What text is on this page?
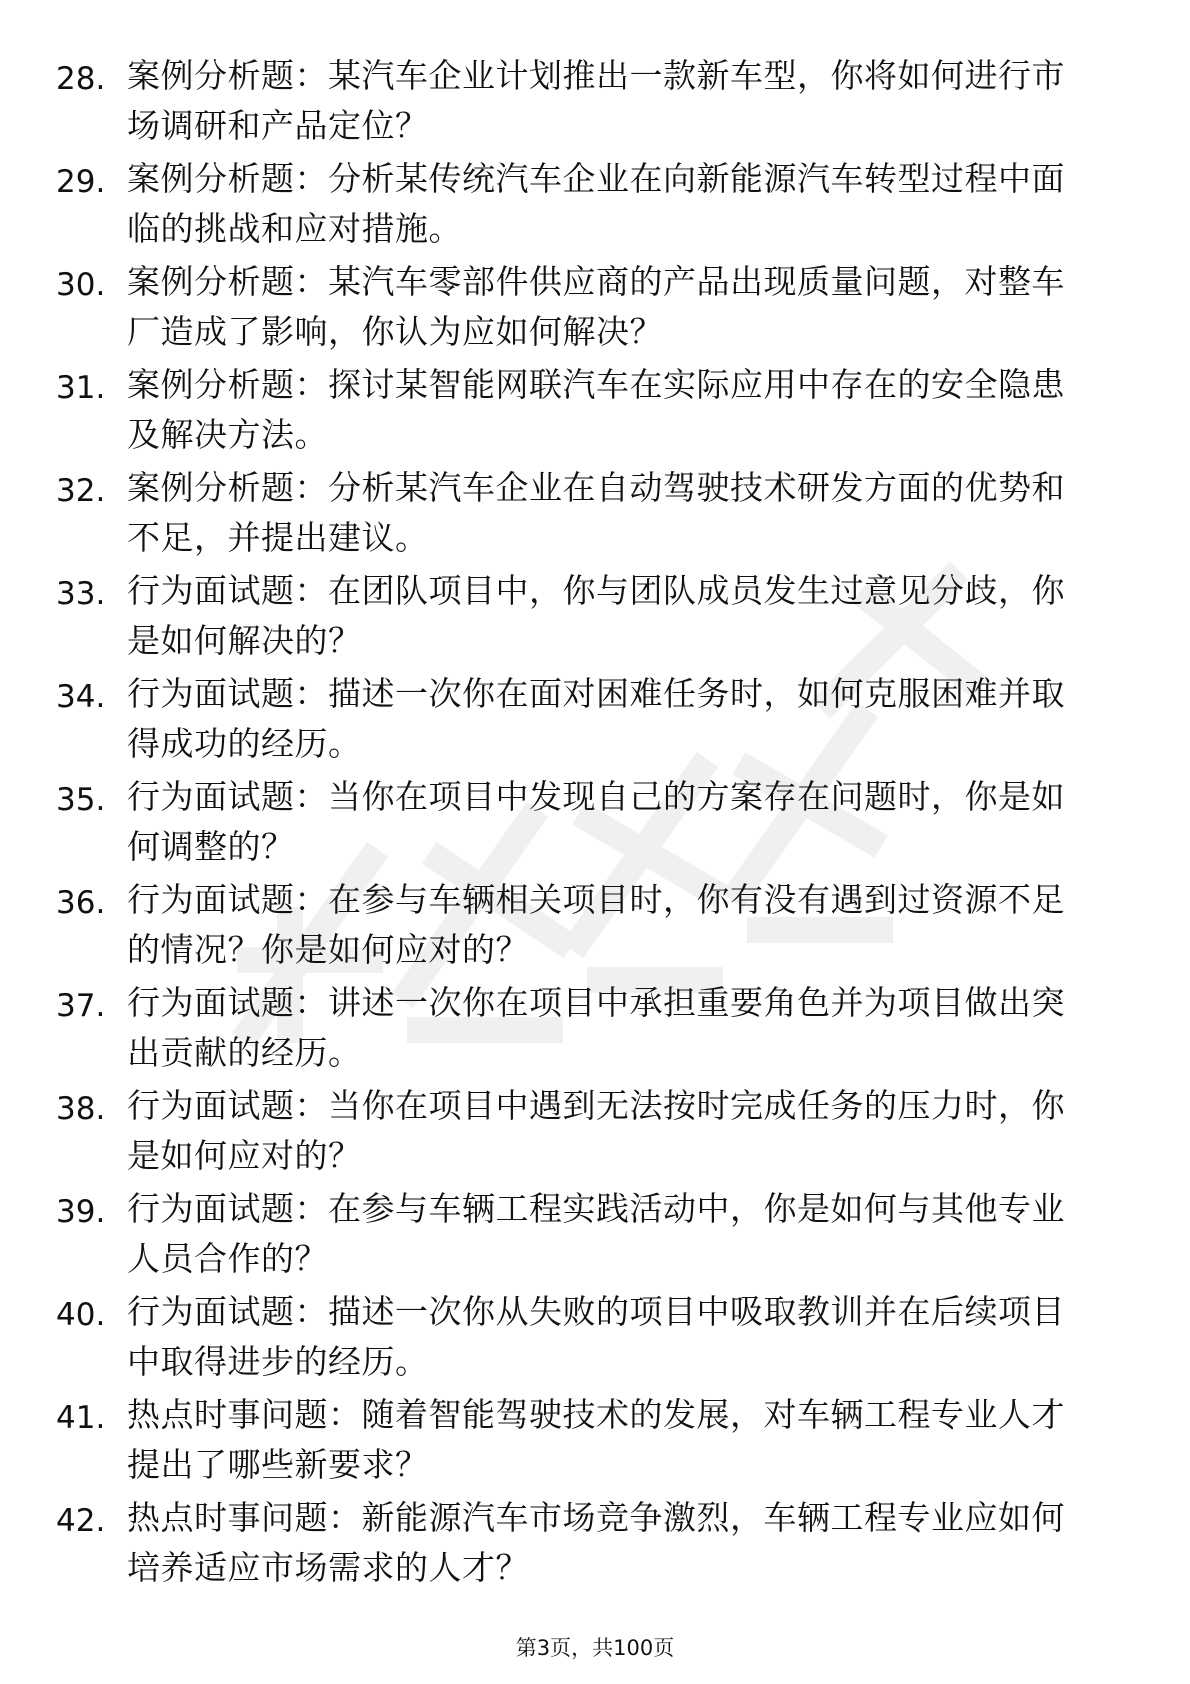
28. 案例分析题：某汽车企业计划推出一款新车型，你将如何进行市
场调研和产品定位？
29. 案例分析题：分析某传统汽车企业在向新能源汽车转型过程中面
临的挑战和应对措施。
30. 案例分析题：某汽车零部件供应商的产品出现质量问题，对整车
厂造成了影响，你认为应如何解决？
31. 案例分析题：探讨某智能网联汽车在实际应用中存在的安全隐患
及解决方法。
32. 案例分析题：分析某汽车企业在自动驾驶技术研发方面的优势和
不足，并提出建议。
33. 行为面试题：在团队项目中，你与团队成员发生过意见分歧，你
是如何解决的？
34. 行为面试题：描述一次你在面对困难任务时，如何克服困难并取
得成功的经历。
35. 行为面试题：当你在项目中发现自己的方案存在问题时，你是如
何调整的？
36. 行为面试题：在参与车辆相关项目时，你有没有遇到过资源不足
的情况？你是如何应对的？
37. 行为面试题：讲述一次你在项目中承担重要角色并为项目做出突
出贡献的经历。
38. 行为面试题：当你在项目中遇到无法按时完成任务的压力时，你
是如何应对的？
39. 行为面试题：在参与车辆工程实践活动中，你是如何与其他专业
人员合作的？
40. 行为面试题：描述一次你从失败的项目中吸取教训并在后续项目
中取得进步的经历。
41. 热点时事问题：随着智能驾驶技术的发展，对车辆工程专业人才
提出了哪些新要求？
42. 热点时事问题：新能源汽车市场竞争激烈，车辆工程专业应如何
培养适应市场需求的人才？
第3页，共100页
